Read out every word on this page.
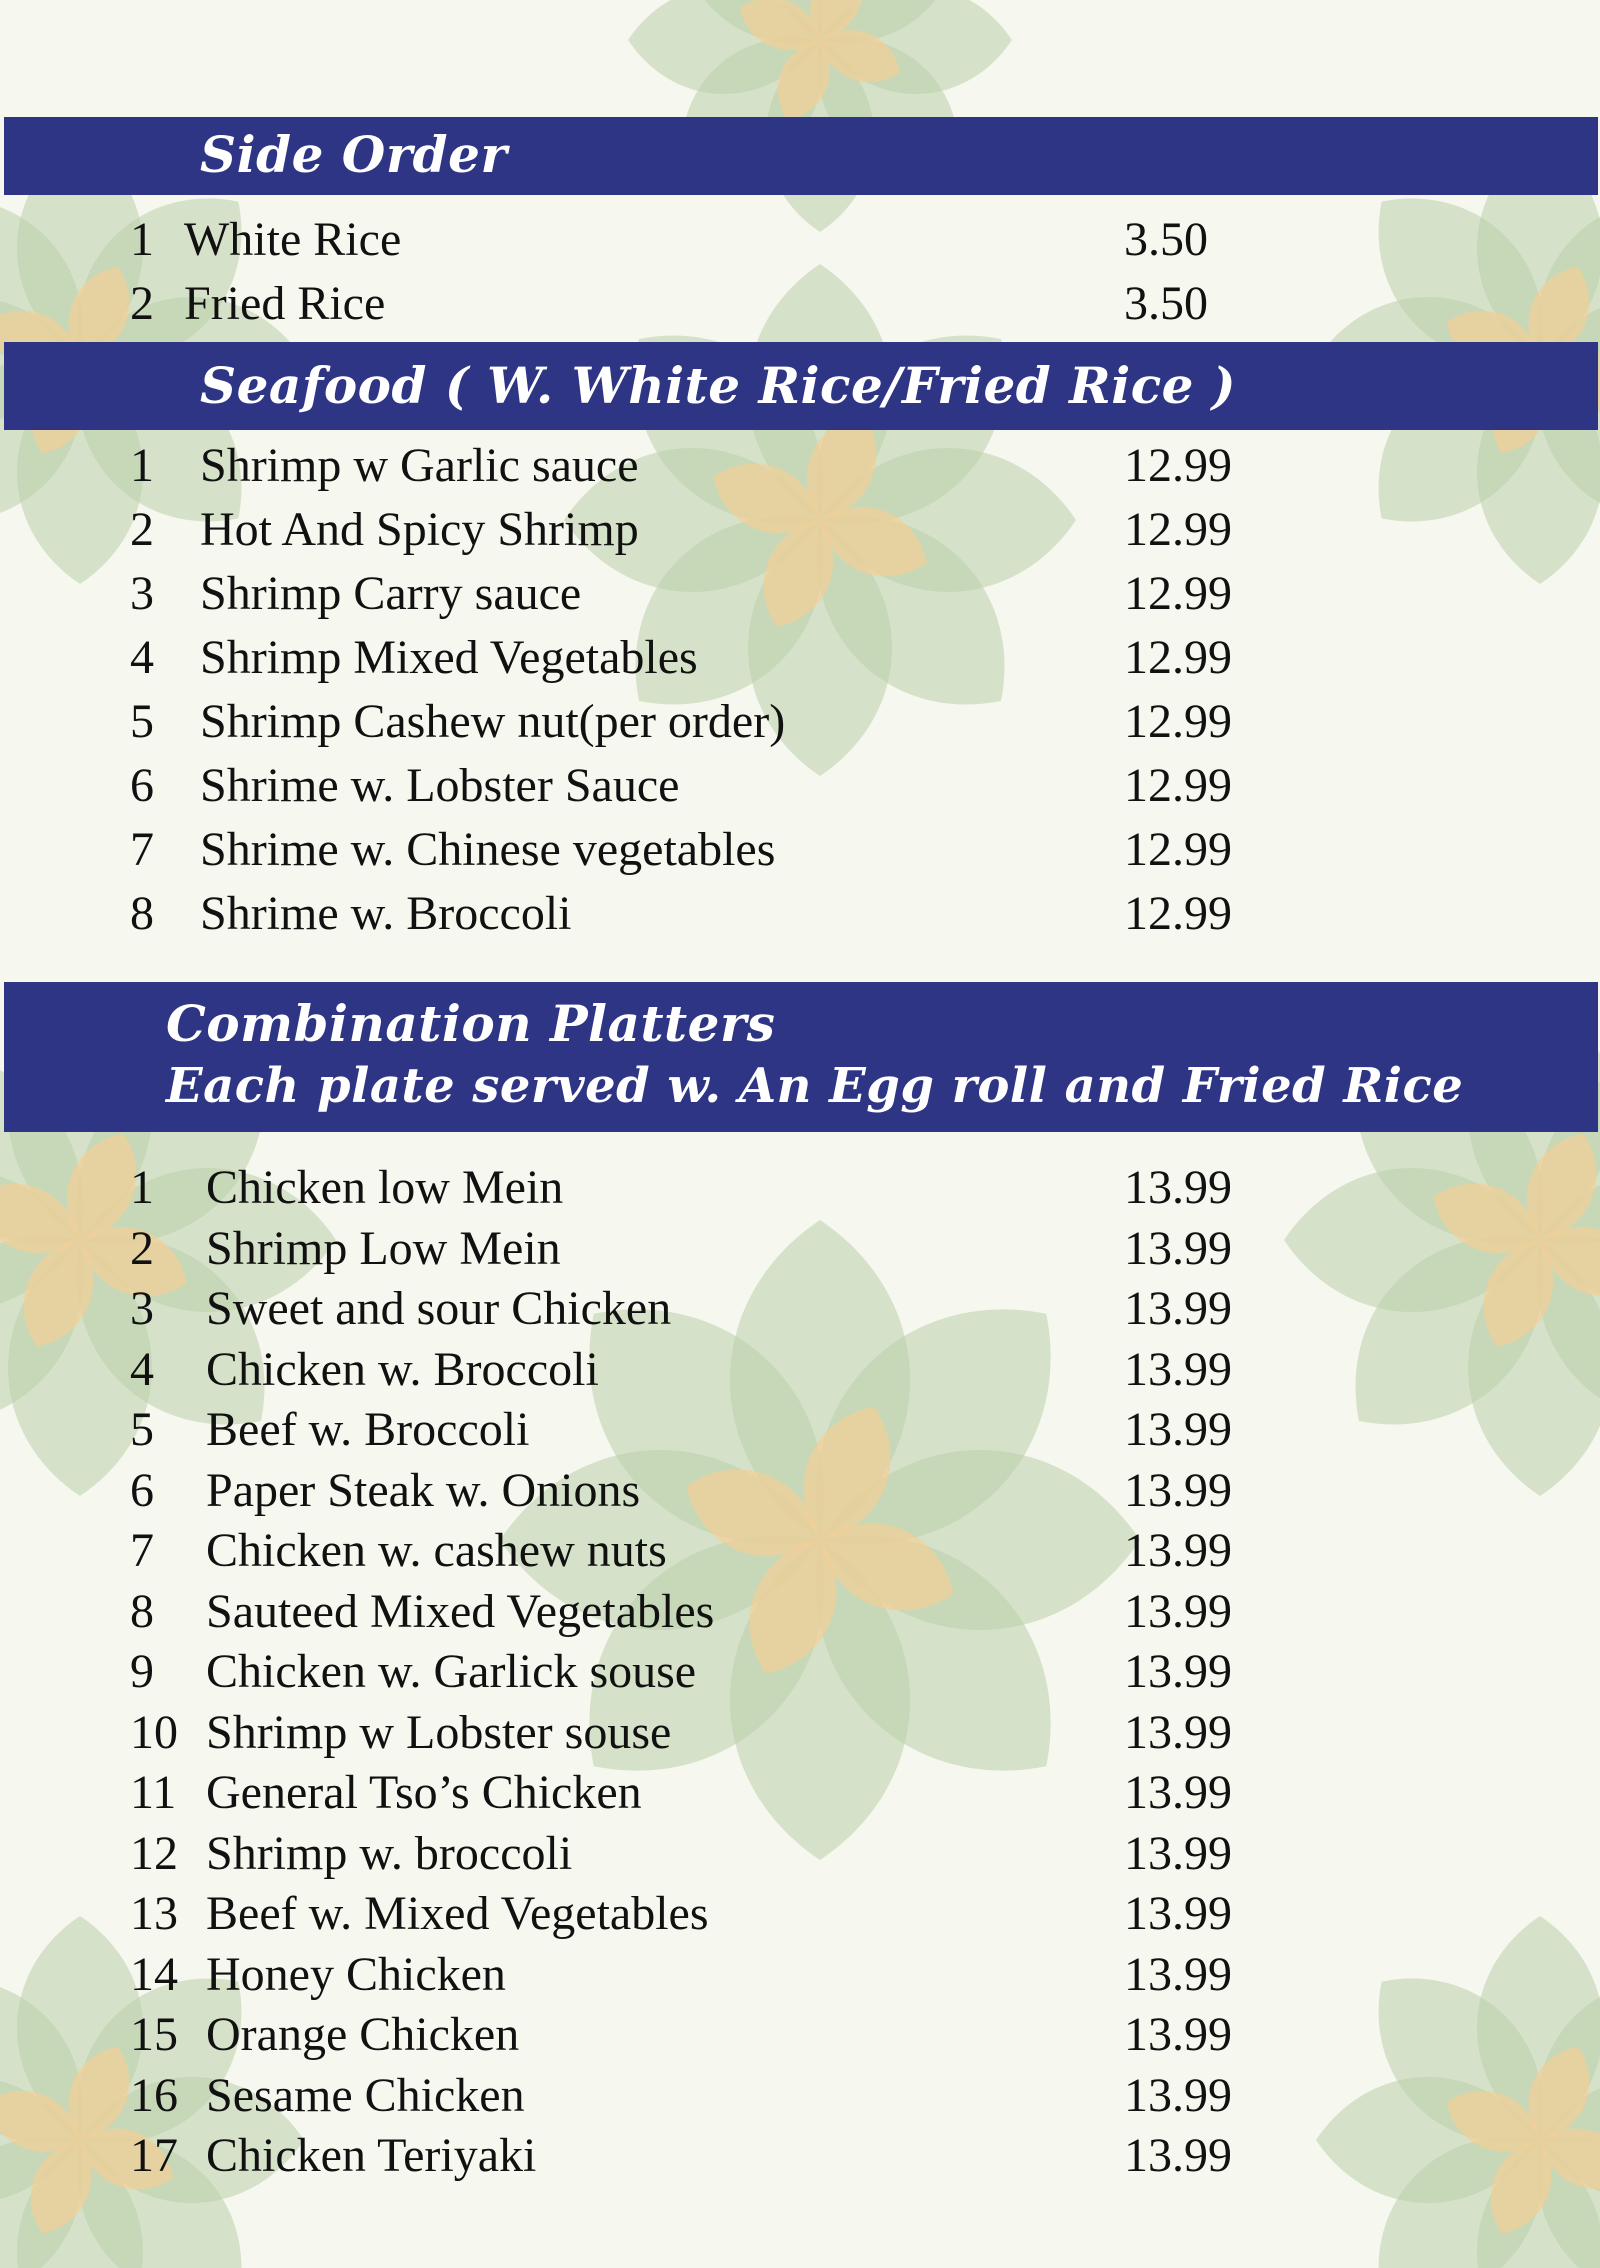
Side Order
1 White Rice	3.50
2 Fried Rice	3.50
Seafood ( W. White Rice/Fried Rice )
1 Shrimp w Garlic sauce	12.99
2 Hot And Spicy Shrimp	12.99
3 Shrimp Carry sauce	12.99
4 Shrimp Mixed Vegetables	12.99
5 Shrimp Cashew nut(per order)	12.99
6 Shrime w. Lobster Sauce	12.99
7 Shrime w. Chinese vegetables	12.99
8 Shrime w. Broccoli	12.99
Combination Platters
Each plate served w. An Egg roll and Fried Rice
1 Chicken low Mein	13.99
2 Shrimp Low Mein	13.99
3 Sweet and sour Chicken	13.99
4 Chicken w. Broccoli	13.99
5 Beef w. Broccoli	13.99
6 Paper Steak w. Onions	13.99
7 Chicken w. cashew nuts	13.99
8 Sauteed Mixed Vegetables	13.99
9 Chicken w. Garlick souse	13.99
10 Shrimp w Lobster souse	13.99
11 General Tso’s Chicken	13.99
12 Shrimp w. broccoli	13.99
13 Beef w. Mixed Vegetables	13.99
14 Honey Chicken	13.99
15 Orange Chicken	13.99
16 Sesame Chicken	13.99
17 Chicken Teriyaki	13.99
